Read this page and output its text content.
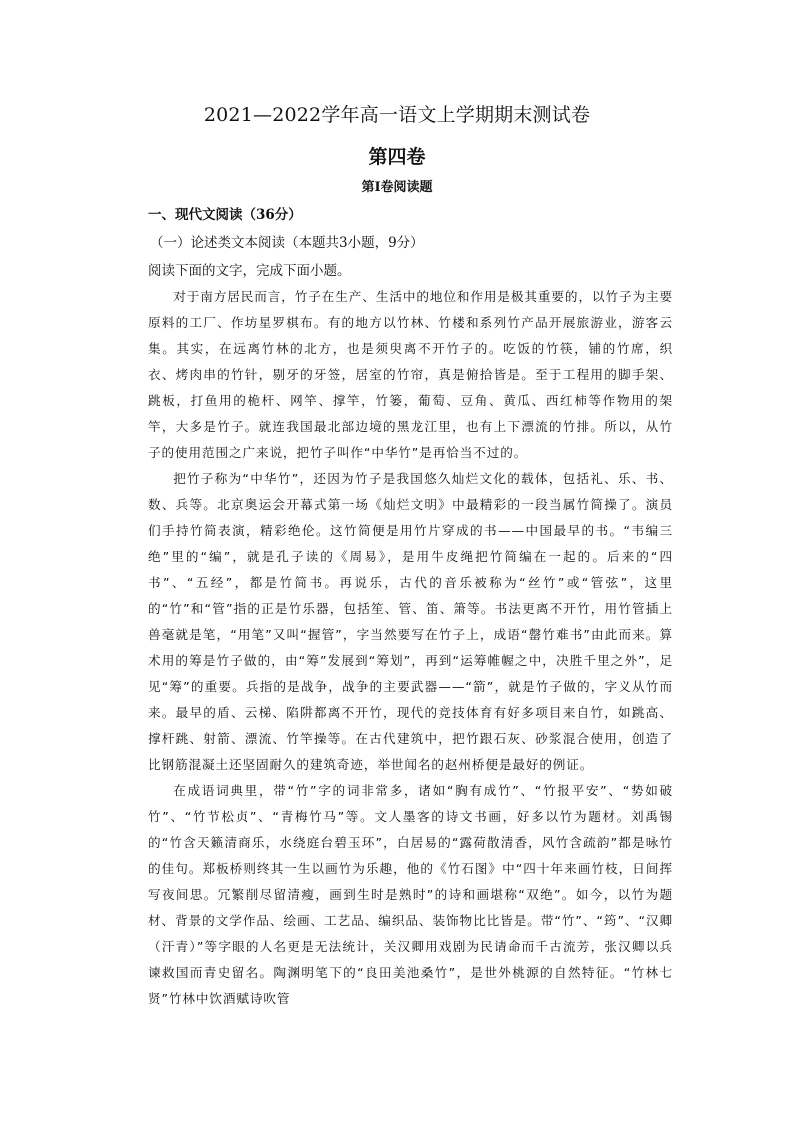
2021—2022学年高一语文上学期期末测试卷
第四卷
第Ⅰ卷阅读题
一、现代文阅读（36分）
（一）论述类文本阅读（本题共3小题，9分）
阅读下面的文字，完成下面小题。

对于南方居民而言，竹子在生产、生活中的地位和作用是极其重要的，以竹子为主要原料的工厂、作坊星罗棋布。有的地方以竹林、竹楼和系列竹产品开展旅游业，游客云集。其实，在远离竹林的北方，也是须臾离不开竹子的。吃饭的竹筷，铺的竹席，织衣、烤肉串的竹针，剔牙的牙签，居室的竹帘，真是俯拾皆是。至于工程用的脚手架、跳板，打鱼用的桅杆、网竿、撑竿，竹篓，葡萄、豆角、黄瓜、西红柿等作物用的架竿，大多是竹子。就连我国最北部边境的黑龙江里，也有上下漂流的竹排。所以，从竹子的使用范围之广来说，把竹子叫作“中华竹”是再恰当不过的。

把竹子称为“中华竹”，还因为竹子是我国悠久灿烂文化的载体，包括礼、乐、书、数、兵等。北京奥运会开幕式第一场《灿烂文明》中最精彩的一段当属竹简操了。演员们手持竹简表演，精彩绝伦。这竹简便是用竹片穿成的书——中国最早的书。“韦编三绝”里的“编”，就是孔子读的《周易》，是用牛皮绳把竹简编在一起的。后来的“四书”、“五经”，都是竹简书。再说乐，古代的音乐被称为“丝竹”或“管弦”，这里的“竹”和“管”指的正是竹乐器，包括笙、管、笛、箫等。书法更离不开竹，用竹管插上兽毫就是笔，“用笔”又叫“握管”，字当然要写在竹子上，成语“罄竹难书”由此而来。算术用的筹是竹子做的，由“筹”发展到“筹划”，再到“运筹帷幄之中，决胜千里之外”，足见“筹”的重要。兵指的是战争，战争的主要武器——“箭”，就是竹子做的，字义从竹而来。最早的盾、云梯、陷阱都离不开竹，现代的竞技体育有好多项目来自竹，如跳高、撑杆跳、射箭、漂流、竹竿操等。在古代建筑中，把竹跟石灰、砂浆混合使用，创造了比钢筋混凝土还坚固耐久的建筑奇迹，举世闻名的赵州桥便是最好的例证。

在成语词典里，带“竹”字的词非常多，诸如“胸有成竹”、“竹报平安”、“势如破竹”、“竹节松贞”、“青梅竹马”等。文人墨客的诗文书画，好多以竹为题材。刘禹锡的“竹含天籁清商乐，水绕庭台碧玉环”，白居易的“露荷散清香，风竹含疏韵”都是咏竹的佳句。郑板桥则终其一生以画竹为乐趣，他的《竹石图》中“四十年来画竹枝，日间挥写夜间思。冗繁削尽留清瘦，画到生时是熟时”的诗和画堪称“双绝”。如今，以竹为题材、背景的文学作品、绘画、工艺品、编织品、装饰物比比皆是。带“竹”、“筠”、“汉卿（汗青）”等字眼的人名更是无法统计，关汉卿用戏剧为民请命而千古流芳，张汉卿以兵谏救国而青史留名。陶渊明笔下的“良田美池桑竹”，是世外桃源的自然特征。“竹林七贤”竹林中饮酒赋诗吹管
